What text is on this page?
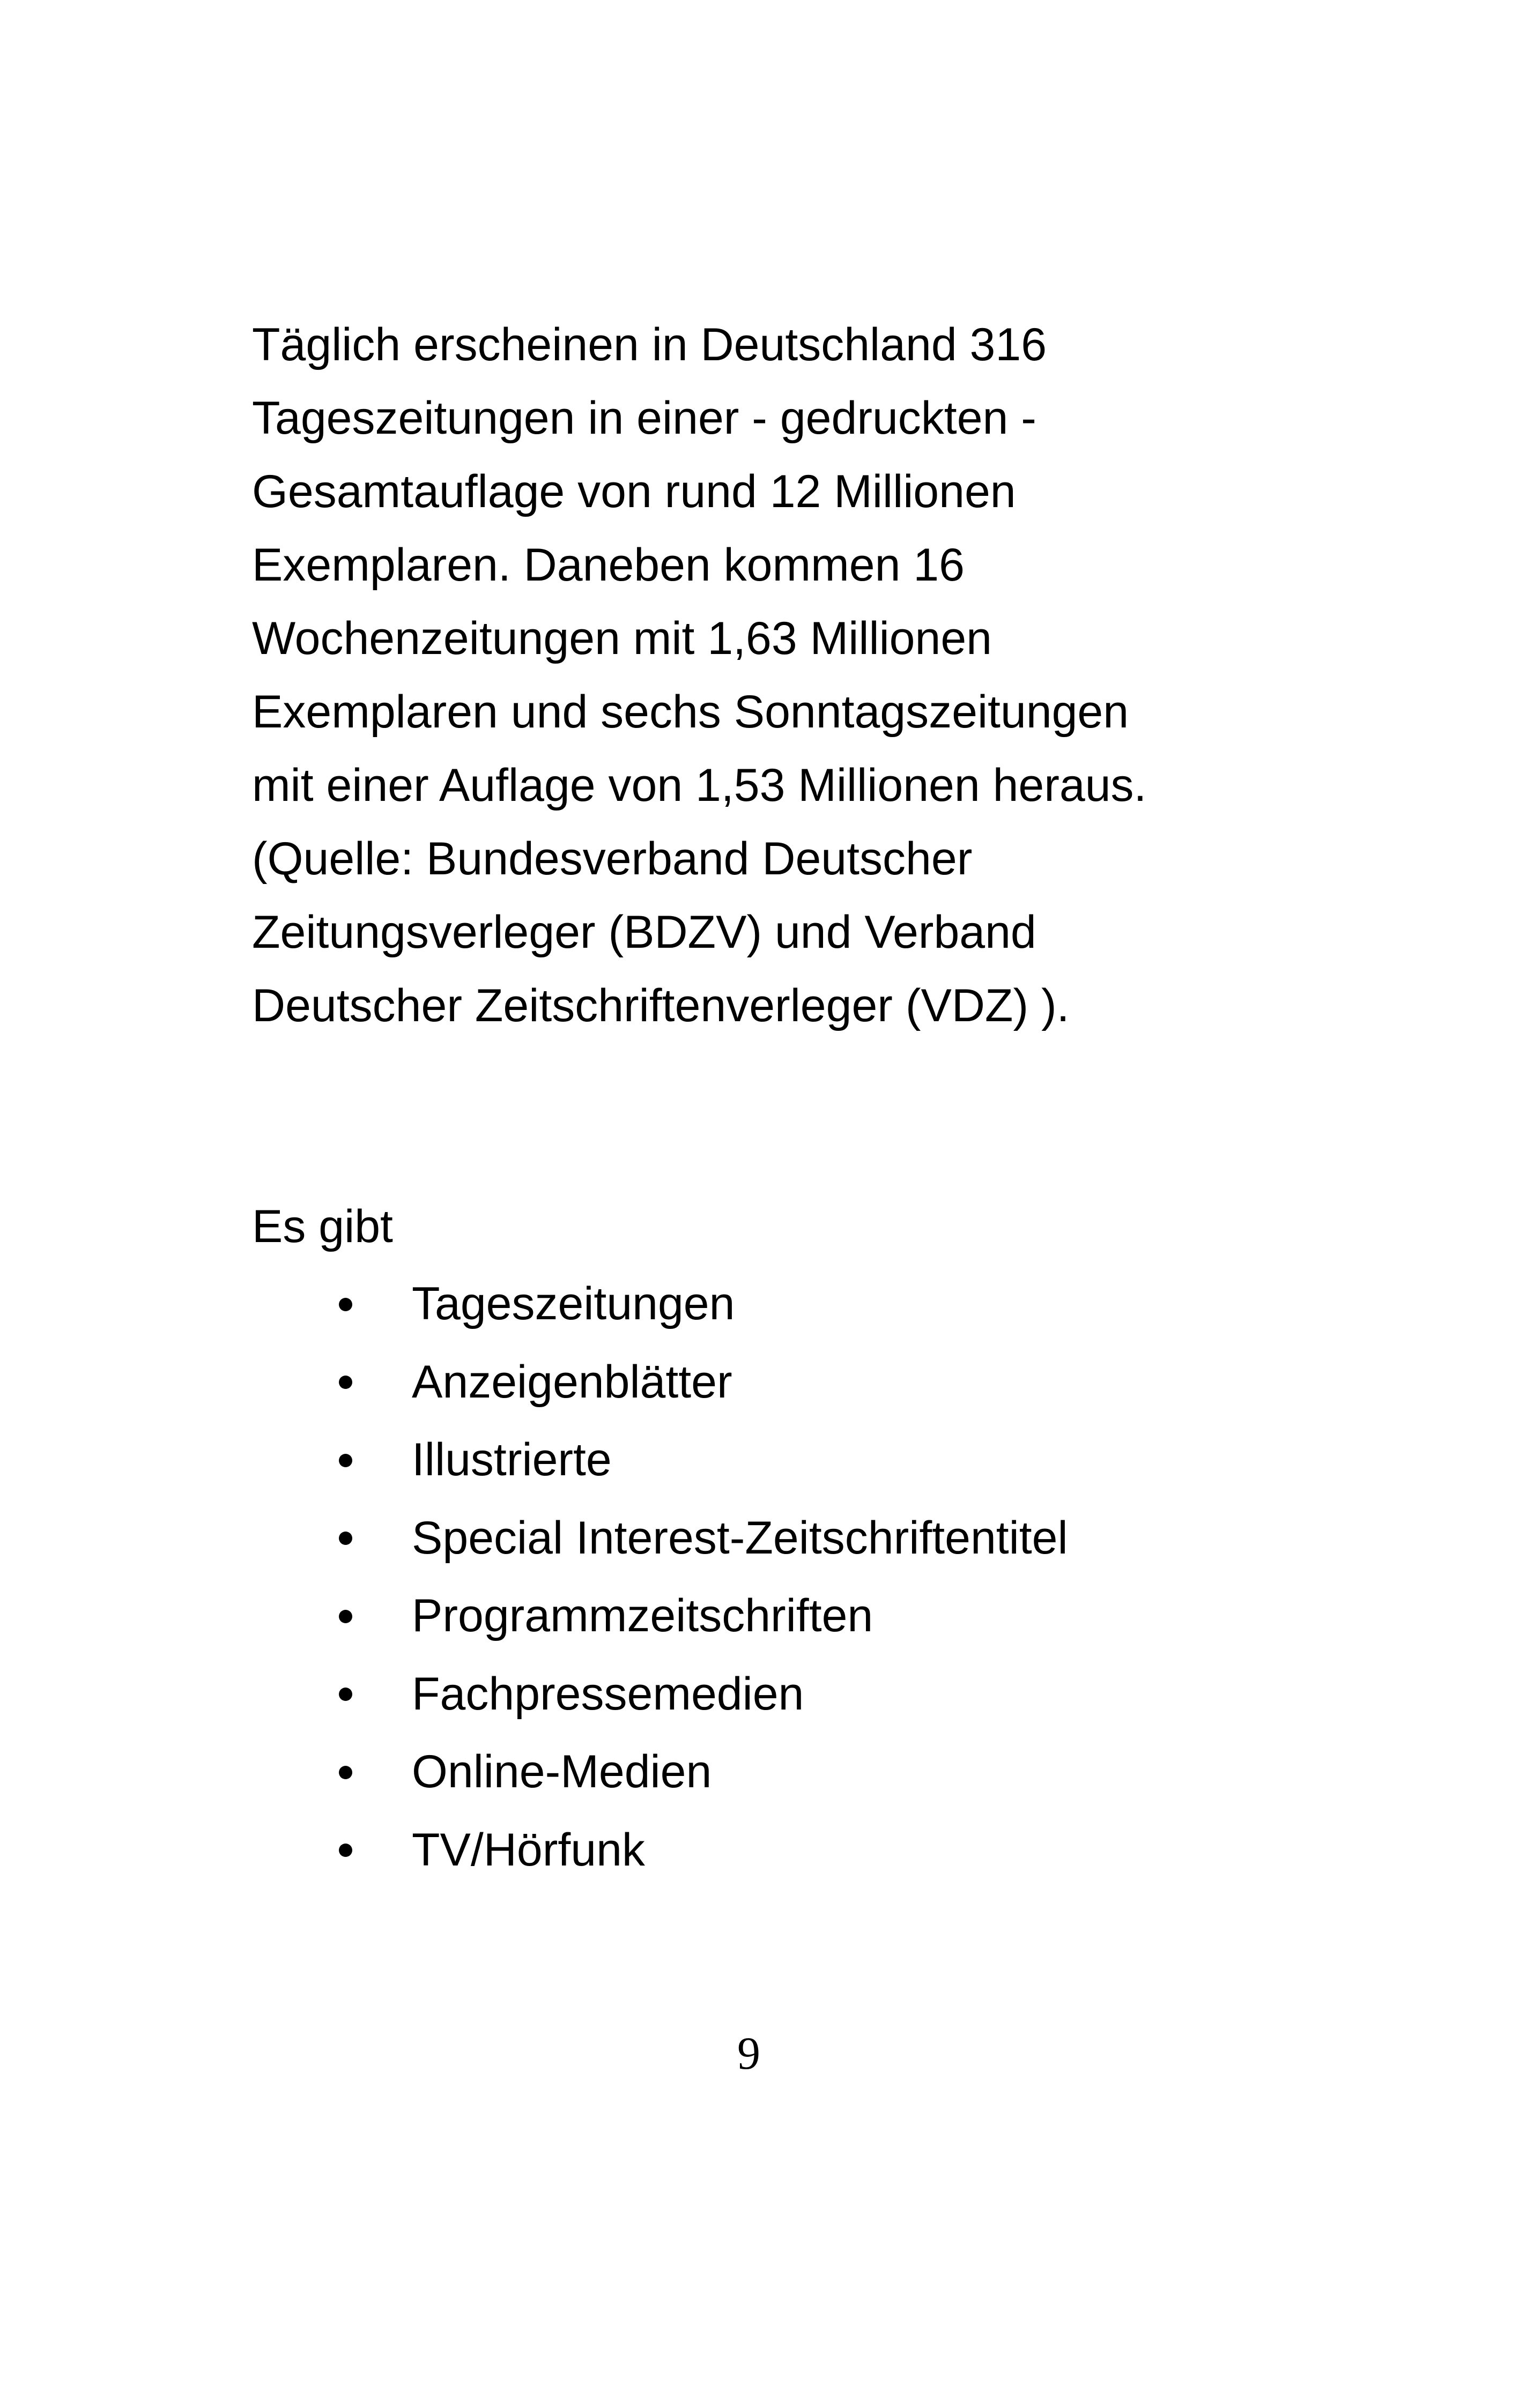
Täglich erscheinen in Deutschland 316
Tageszeitungen in einer - gedruckten -
Gesamtauflage von rund 12 Millionen
Exemplaren. Daneben kommen 16
Wochenzeitungen mit 1,63 Millionen
Exemplaren und sechs Sonntagszeitungen
mit einer Auflage von 1,53 Millionen heraus.
(Quelle: Bundesverband Deutscher
Zeitungsverleger (BDZV) und Verband
Deutscher Zeitschriftenverleger (VDZ) ).

Es gibt
Tageszeitungen
Anzeigenblätter
Illustrierte
Special Interest-Zeitschriftentitel
Programmzeitschriften
Fachpressemedien
Online-Medien
TV/Hörfunk
9
